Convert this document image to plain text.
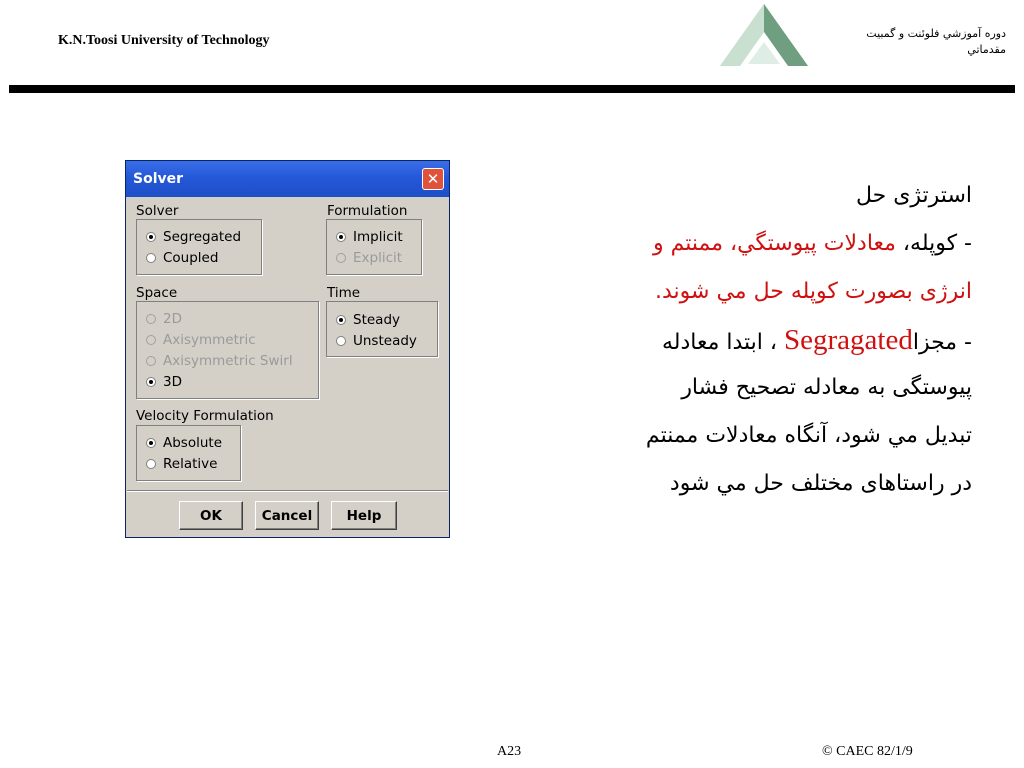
K.N.Toosi University of Technology	دوره آموزشي فلوئنت و گمبيت
مقدماتي
Solver	✕
Solver
Segregated
Coupled
Formulation
Implicit
Explicit
Space
2D
Axisymmetric
Axisymmetric Swirl
3D
Time
Steady
Unsteady
Velocity Formulation
Absolute
Relative
OK	Cancel	Help
استرتژی حل
- کوپله، معادلات پيوستگي، ممنتم و
انرژی بصورت کوپله حل مي شوند.
- مجزاSegragated ، ابتدا معادله
پيوستگی به معادله تصحيح فشار
تبديل مي شود، آنگاه معادلات ممنتم
در راستاهای مختلف حل مي شود
A23	© CAEC 82/1/9
